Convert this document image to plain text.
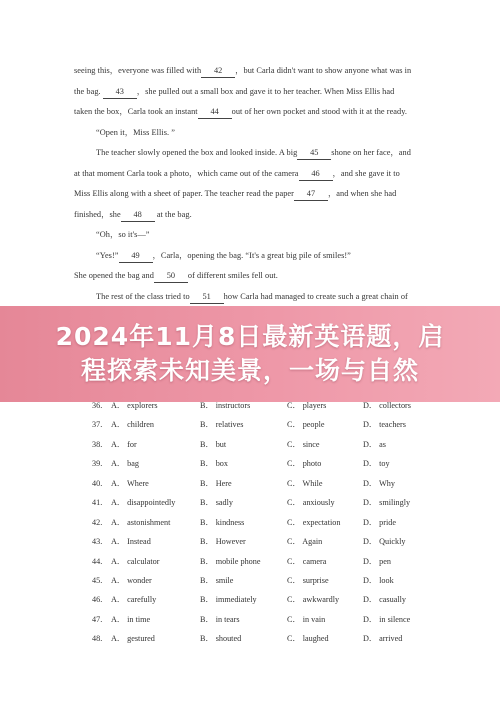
seeing this，everyone was filled with 42 ，but Carla didn't want to show anyone what was in
the bag. 43 ，she pulled out a small box and gave it to her teacher. When Miss Ellis had
taken the box，Carla took an instant 44 out of her own pocket and stood with it at the ready.
“Open it，Miss Ellis. ”
The teacher slowly opened the box and looked inside. A big 45 shone on her face，and
at that moment Carla took a photo，which came out of the camera 46 ，and she gave it to
Miss Ellis along with a sheet of paper. The teacher read the paper 47 ，and when she had
finished，she 48 at the bag.
“Oh，so it's—”
“Yes!” 49 ，Carla，opening the bag. “It's a great big pile of smiles!”
She opened the bag and 50 of different smiles fell out.
The rest of the class tried to 51 how Carla had managed to create such a great chain of
2024年11月8日最新英语题，启
程探索未知美景，一场与自然
36. A． explorers	B． instructors	C． players	D． collectors
37. A． children	B． relatives	C． people	D． teachers
38. A． for	B． but	C． since	D． as
39. A． bag	B． box	C． photo	D． toy
40. A． Where	B． Here	C． While	D． Why
41. A． disappointedly	B． sadly	C． anxiously	D． smilingly
42. A． astonishment	B． kindness	C． expectation	D． pride
43. A． Instead	B． However	C． Again	D． Quickly
44. A． calculator	B． mobile phone	C． camera	D． pen
45. A． wonder	B． smile	C． surprise	D． look
46. A． carefully	B． immediately	C． awkwardly	D． casually
47. A． in time	B． in tears	C． in vain	D． in silence
48. A． gestured	B． shouted	C． laughed	D． arrived
